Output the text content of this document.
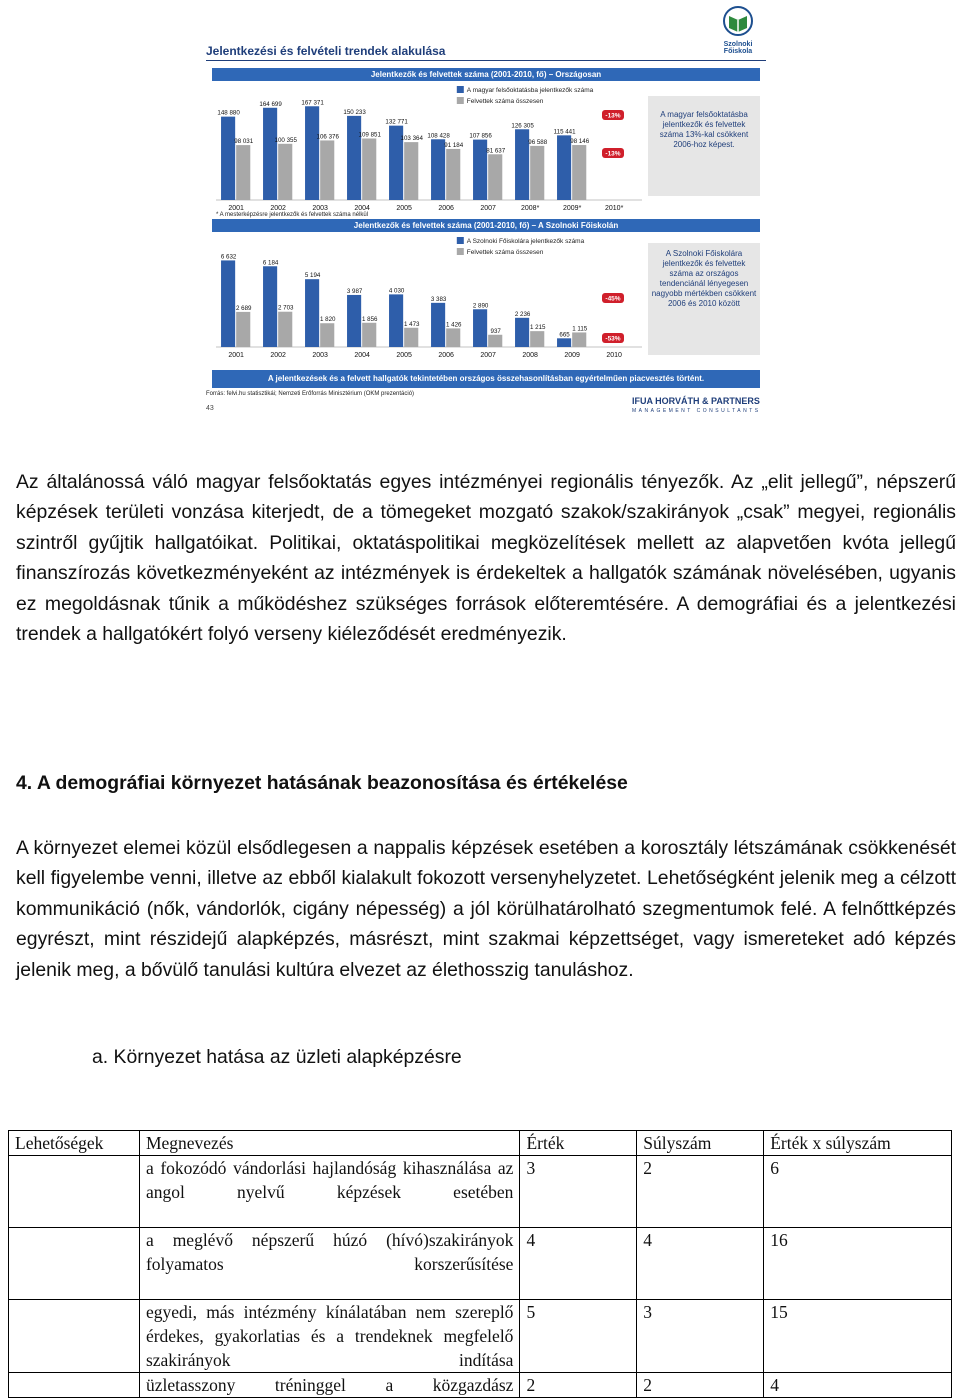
Szolnoki Főiskola
Jelentkezési és felvételi trendek alakulása
Jelentkezők és felvettek száma (2001-2010, fő) – Országosan
A magyar felsőoktatásba jelentkezők száma
Felvettek száma összesen
148 880
98 031
2001
164 699
100 355
2002
167 371
106 376
2003
150 233
109 851
2004
132 771
103 364
2005
108 428
91 184
2006
107 856
81 637
2007
126 305
96 588
2008*
115 441
98 146
2009*	2010*
-13%
-13%
* A mesterképzésre jelentkezők és felvettek száma nélkül
A magyar felsőoktatásba jelentkezők és felvettek száma 13%-kal csökkent 2006-hoz képest.
Jelentkezők és felvettek száma (2001-2010, fő) – A Szolnoki Főiskolán
A Szolnoki Főiskolára jelentkezők száma
Felvettek száma összesen
6 632
2 689
2001
6 184
2 703
2002
5 194
1 820
2003
3 987
1 856
2004
4 030
1 473
2005
3 383
1 426
2006
2 890
937
2007
2 236
1 215
2008
665
1 115
2009	2010
-45%
-53%
A Szolnoki Főiskolára jelentkezők és felvettek száma az országos tendenciánál lényegesen nagyobb mértékben csökkent 2006 és 2010 között
A jelentkezések és a felvett hallgatók tekintetében országos összehasonlításban egyértelműen piacvesztés történt.
Forrás: felvi.hu statisztikái; Nemzeti Erőforrás Minisztérium (OKM prezentáció)
43
IFUA HORVÁTH & PARTNERS
MANAGEMENT CONSULTANTS

Az általánossá váló magyar felsőoktatás egyes intézményei regionális tényezők. Az „elit jellegű”, népszerű képzések területi vonzása kiterjedt, de a tömegeket mozgató szakok/szakirányok „csak” megyei, regionális szintről gyűjtik hallgatóikat. Politikai, oktatáspolitikai megközelítések mellett az alapvetően kvóta jellegű finanszírozás következményeként az intézmények is érdekeltek a hallgatók számának növelésében, ugyanis ez megoldásnak tűnik a működéshez szükséges források előteremtésére. A demográfiai és a jelentkezési trendek a hallgatókért folyó verseny kiéleződését eredményezik.

4. A demográfiai környezet hatásának beazonosítása és értékelése

A környezet elemei közül elsődlegesen a nappalis képzések esetében a korosztály létszámának csökkenését kell figyelembe venni, illetve az ebből kialakult fokozott versenyhelyzetet. Lehetőségként jelenik meg a célzott kommunikáció (nők, vándorlók, cigány népesség) a jól körülhatárolható szegmentumok felé. A felnőttképzés egyrészt, mint részidejű alapképzés, másrészt, mint szakmai képzettséget, vagy ismereteket adó képzés jelenik meg, a bővülő tanulási kultúra elvezet az élethosszig tanuláshoz.

a. Környezet hatása az üzleti alapképzésre
Lehetőségek	Megnevezés	Érték	Súlyszám	Érték x súlyszám
	a fokozódó vándorlási hajlandóság kihasználása az angol nyelvű képzések esetében	3	2	6
	a meglévő népszerű húzó (hívó)szakirányok folyamatos korszerűsítése	4	4	16
	egyedi, más intézmény kínálatában nem szereplő érdekes, gyakorlatias és a trendeknek megfelelő szakirányok indítása	5	3	15
	üzletasszony tréninggel a közgazdász	2	2	4
